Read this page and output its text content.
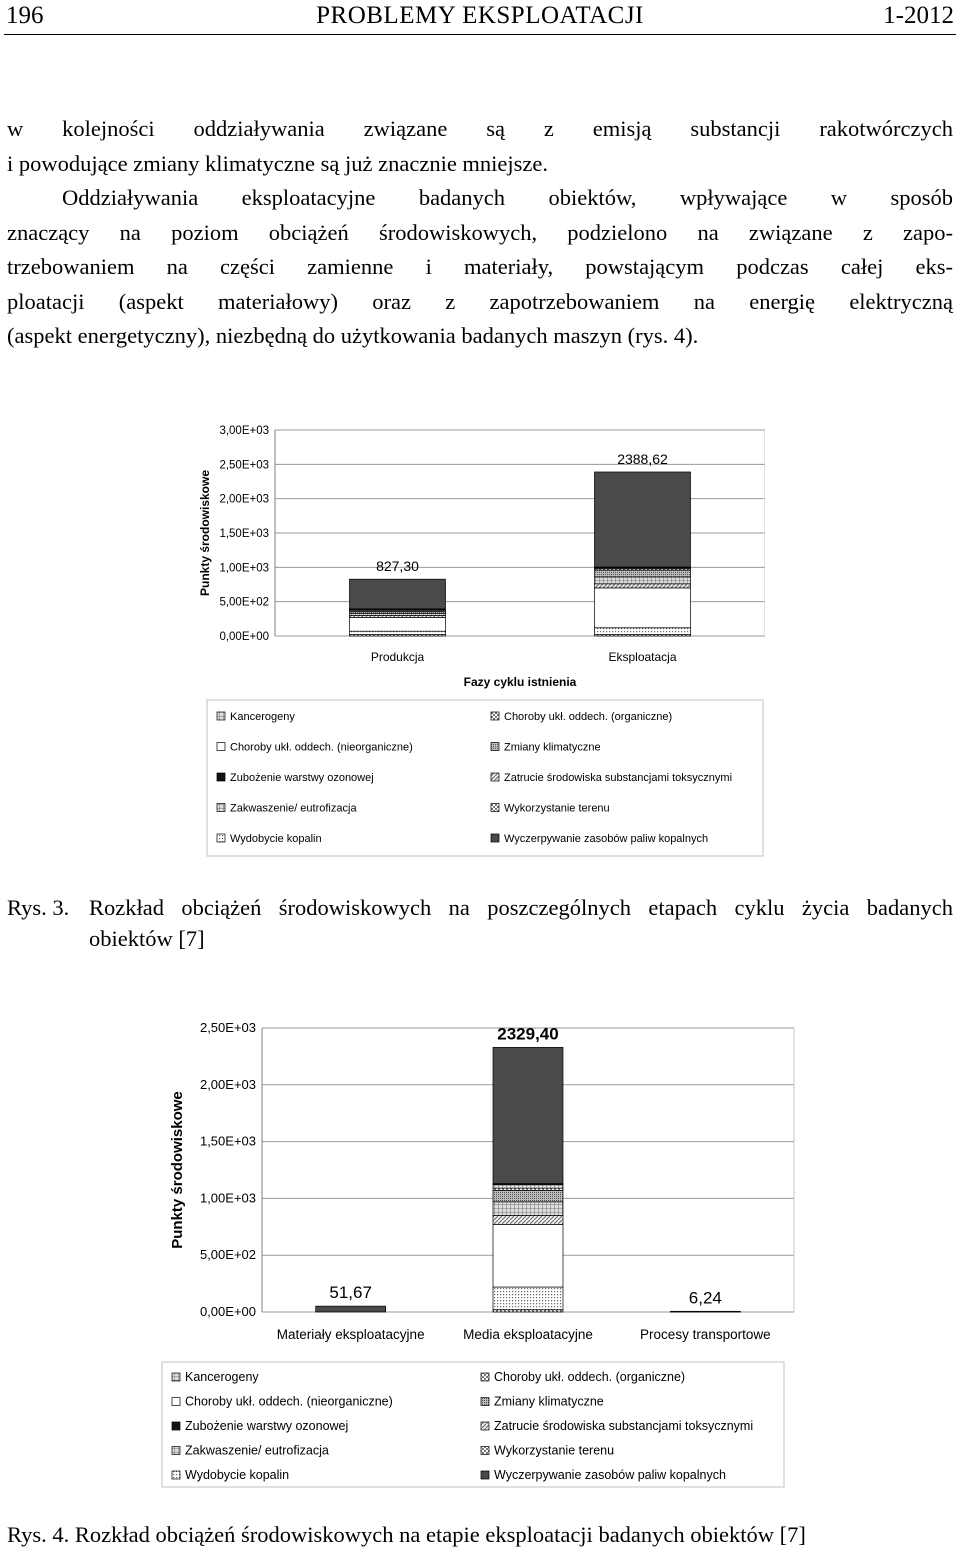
196	PROBLEMY EKSPLOATACJI	1-2012
w kolejności oddziaływania związane są z emisją substancji rakotwórczych
i powodujące zmiany klimatyczne są już znacznie mniejsze.
Oddziaływania eksploatacyjne badanych obiektów, wpływające w sposób
znaczący na poziom obciążeń środowiskowych, podzielono na związane z zapo-
trzebowaniem na części zamienne i materiały, powstającym podczas całej eks-
ploatacji (aspekt materiałowy) oraz z zapotrzebowaniem na energię elektryczną
(aspekt energetyczny), niezbędną do użytkowania badanych maszyn (rys. 4).
0,00E+00
5,00E+02
1,00E+03
1,50E+03
2,00E+03
2,50E+03
3,00E+03
Punkty środowiskowe	827,30
Produkcja
2388,62
Eksploatacja
Fazy cyklu istnienia
Kancerogeny	Choroby ukł. oddech. (organiczne)
Choroby ukł. oddech. (nieorganiczne)	Zmiany klimatyczne
Zubożenie warstwy ozonowej	Zatrucie środowiska substancjami toksycznymi
Zakwaszenie/ eutrofizacja	Wykorzystanie terenu
Wydobycie kopalin	Wyczerpywanie zasobów paliw kopalnych
Rys. 3. Rozkład obciążeń środowiskowych na poszczególnych etapach cyklu życia badanych
obiektów [7]
0,00E+00
5,00E+02
1,00E+03
1,50E+03
2,00E+03
2,50E+03
Punkty środowiskowe
51,67
Materiały eksploatacyjne
2329,40
Media eksploatacyjne
6,24
Procesy transportowe
Kancerogeny	Choroby ukł. oddech. (organiczne)
Choroby ukł. oddech. (nieorganiczne)	Zmiany klimatyczne
Zubożenie warstwy ozonowej	Zatrucie środowiska substancjami toksycznymi
Zakwaszenie/ eutrofizacja	Wykorzystanie terenu
Wydobycie kopalin	Wyczerpywanie zasobów paliw kopalnych
Rys. 4. Rozkład obciążeń środowiskowych na etapie eksploatacji badanych obiektów [7]
